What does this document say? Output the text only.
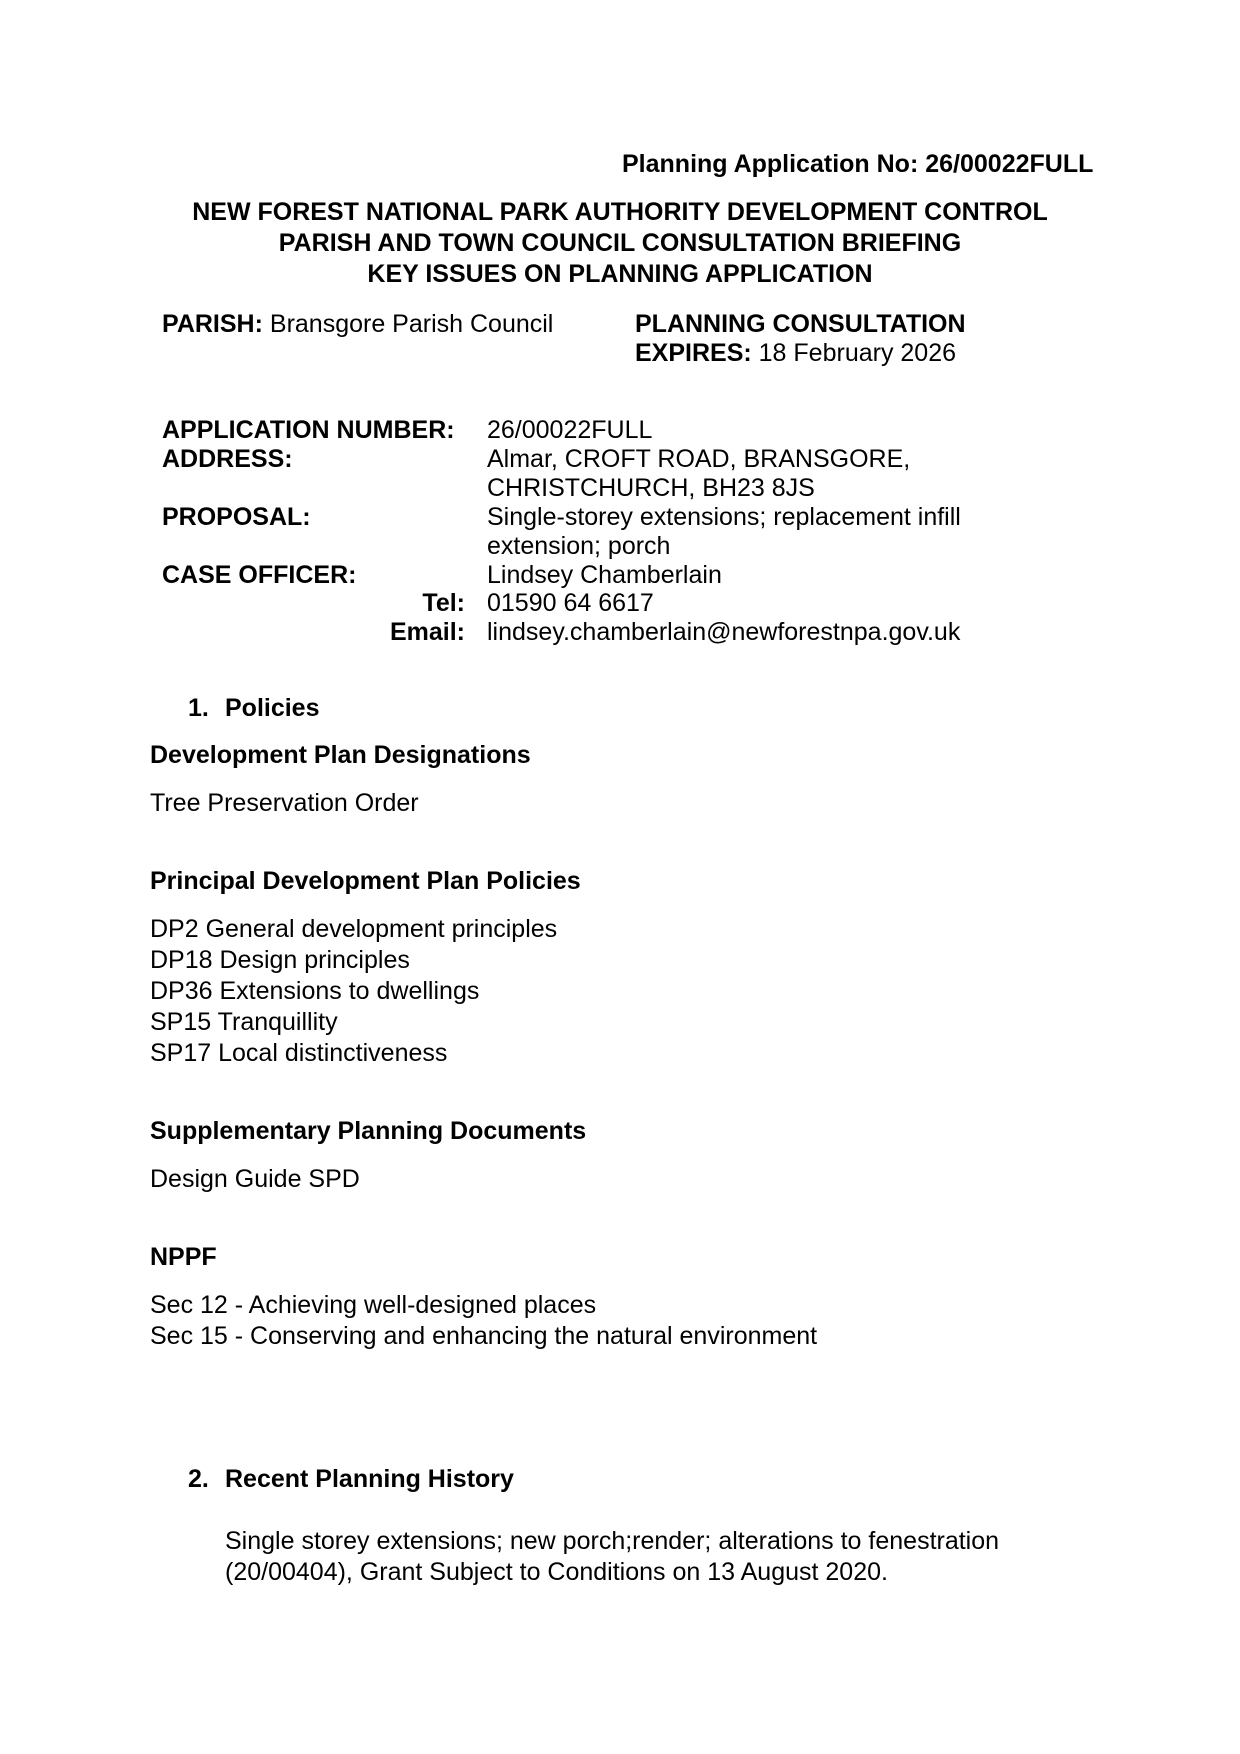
Planning Application No: 26/00022FULL
NEW FOREST NATIONAL PARK AUTHORITY DEVELOPMENT CONTROL
PARISH AND TOWN COUNCIL CONSULTATION BRIEFING
KEY ISSUES ON PLANNING APPLICATION
PARISH: Bransgore Parish Council	PLANNING CONSULTATION
EXPIRES: 18 February 2026
APPLICATION NUMBER: 26/00022FULL
ADDRESS:	Almar, CROFT ROAD, BRANSGORE,
CHRISTCHURCH, BH23 8JS
PROPOSAL:	Single-storey extensions; replacement infill
extension; porch
CASE OFFICER:	Lindsey Chamberlain
Tel: 01590 64 6617
Email: lindsey.chamberlain@newforestnpa.gov.uk
1. Policies
Development Plan Designations
Tree Preservation Order
Principal Development Plan Policies
DP2 General development principles
DP18 Design principles
DP36 Extensions to dwellings
SP15 Tranquillity
SP17 Local distinctiveness
Supplementary Planning Documents
Design Guide SPD
NPPF
Sec 12 - Achieving well-designed places
Sec 15 - Conserving and enhancing the natural environment
2. Recent Planning History
Single storey extensions; new porch;render; alterations to fenestration
(20/00404), Grant Subject to Conditions on 13 August 2020.
